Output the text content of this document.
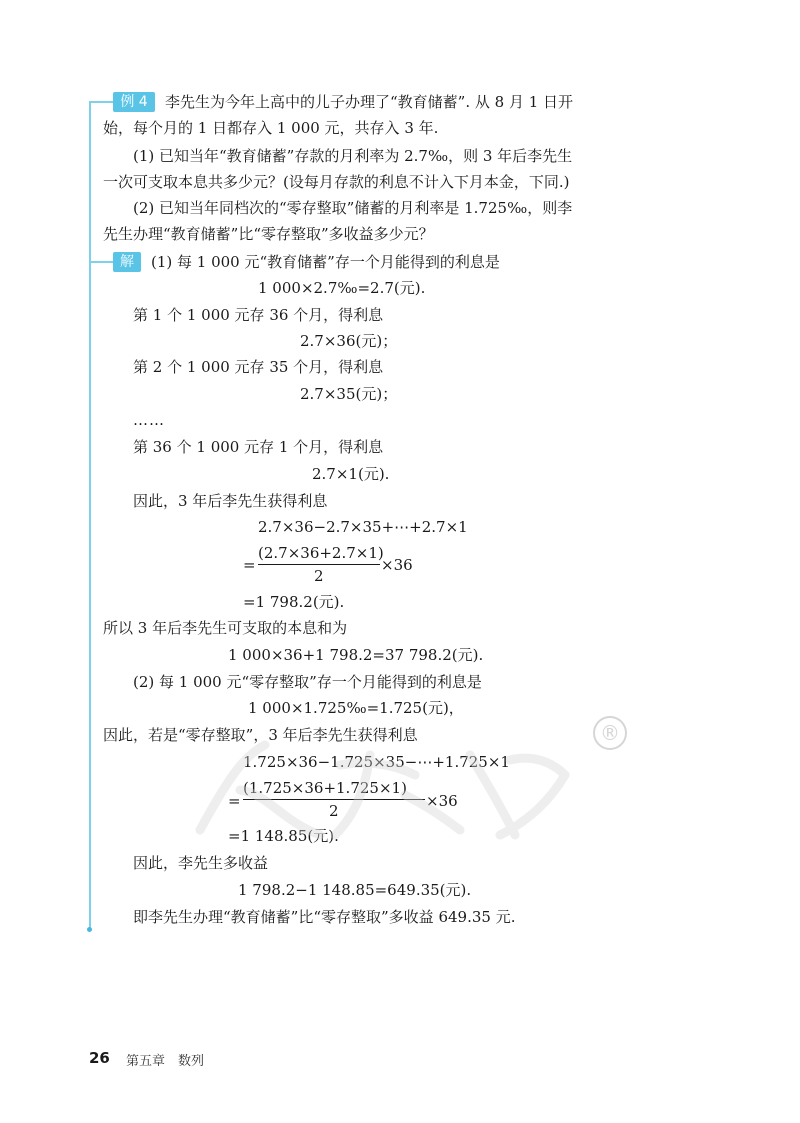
例 4	李先生为今年上高中的儿子办理了“教育储蓄”. 从 8 月 1 日开
始，每个月的 1 日都存入 1 000 元，共存入 3 年.
(1) 已知当年“教育储蓄”存款的月利率为 2.7‰，则 3 年后李先生
一次可支取本息共多少元？(设每月存款的利息不计入下月本金，下同.)
(2) 已知当年同档次的“零存整取”储蓄的月利率是 1.725‰，则李
先生办理“教育储蓄”比“零存整取”多收益多少元？
解	(1) 每 1 000 元“教育储蓄”存一个月能得到的利息是
1 000×2.7‰=2.7(元).
第 1 个 1 000 元存 36 个月，得利息
2.7×36(元)；
第 2 个 1 000 元存 35 个月，得利息
2.7×35(元)；
……
第 36 个 1 000 元存 1 个月，得利息
2.7×1(元).
因此，3 年后李先生获得利息
2.7×36−2.7×35+⋯+2.7×1
=
(2.7×36+2.7×1)
2
×36
=1 798.2(元).
所以 3 年后李先生可支取的本息和为
1 000×36+1 798.2=37 798.2(元).
(2) 每 1 000 元“零存整取”存一个月能得到的利息是
1 000×1.725‰=1.725(元)，
因此，若是“零存整取”，3 年后李先生获得利息
1.725×36−1.725×35−⋯+1.725×1
=
(1.725×36+1.725×1)
2
×36
=1 148.85(元).
因此，李先生多收益
1 798.2−1 148.85=649.35(元).
即李先生办理“教育储蓄”比“零存整取”多收益 649.35 元.
®
26 第五章　数列
